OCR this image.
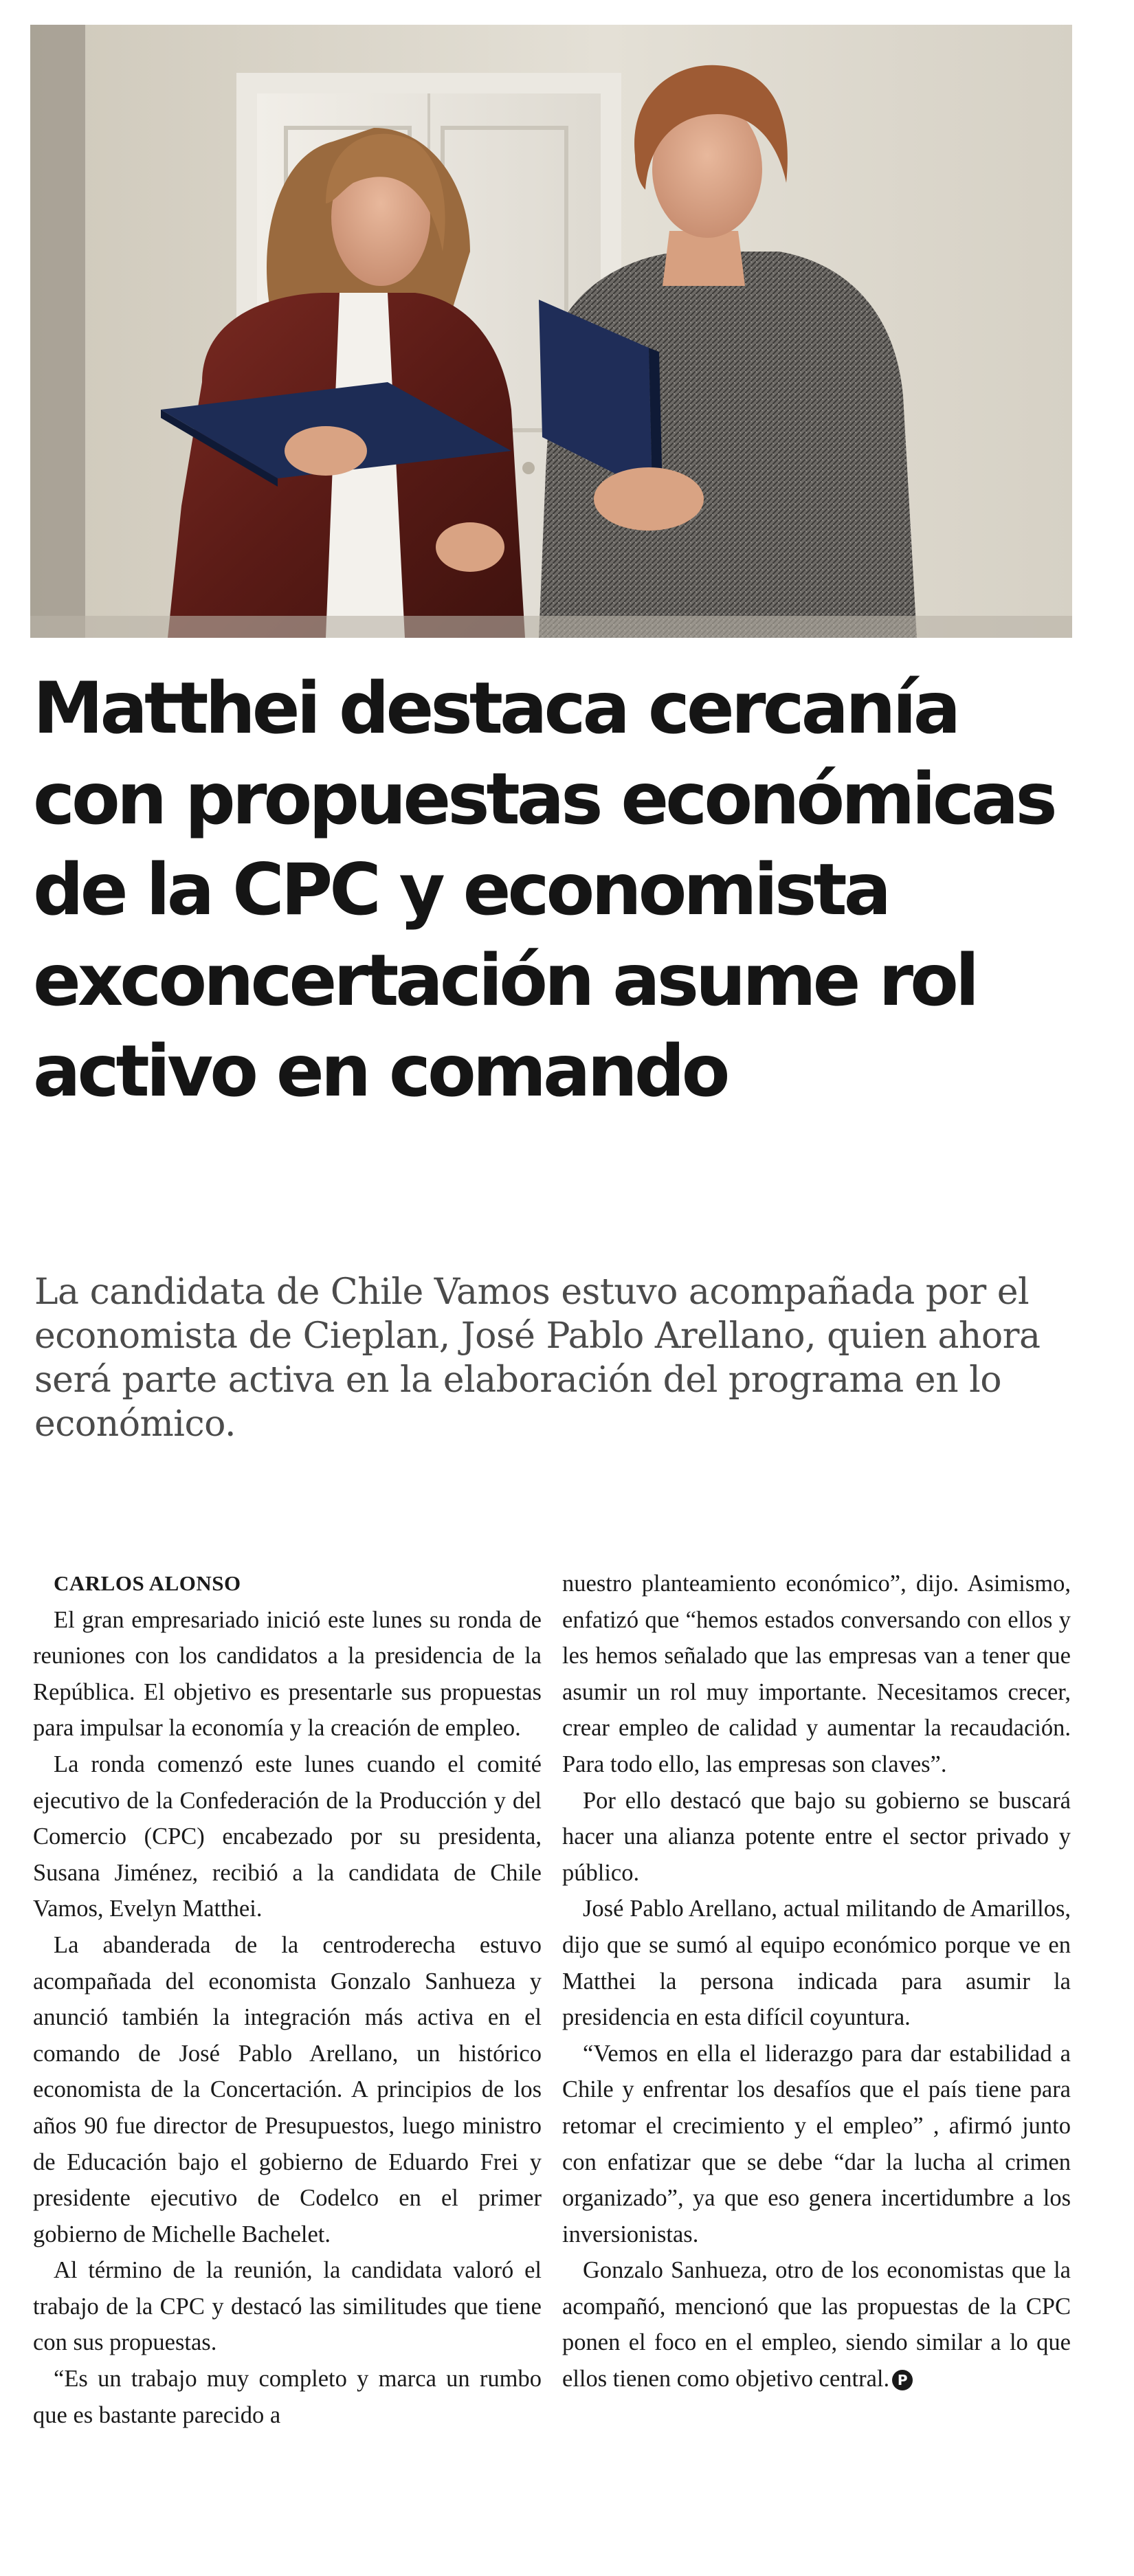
Matthei destaca cercanía con propuestas económicas de la CPC y economista exconcertación asume rol activo en comando

La candidata de Chile Vamos estuvo acompañada por el economista de Cieplan, José Pablo Arellano, quien ahora será parte activa en la elaboración del programa en lo económico.

CARLOS ALONSO

El gran empresariado inició este lunes su ronda de reuniones con los candidatos a la presidencia de la República. El objetivo es presentarle sus propuestas para impulsar la economía y la creación de empleo.

La ronda comenzó este lunes cuando el comité ejecutivo de la Confederación de la Producción y del Comercio (CPC) encabezado por su presidenta, Susana Jiménez, recibió a la candidata de Chile Vamos, Evelyn Matthei.

La abanderada de la centroderecha estuvo acompañada del economista Gonzalo Sanhueza y anunció también la integración más activa en el comando de José Pablo Arellano, un histórico economista de la Concertación. A principios de los años 90 fue director de Presupuestos, luego ministro de Educación bajo el gobierno de Eduardo Frei y presidente ejecutivo de Codelco en el primer gobierno de Michelle Bachelet.

Al término de la reunión, la candidata valoró el trabajo de la CPC y destacó las similitudes que tiene con sus propuestas.

“Es un trabajo muy completo y marca un rumbo que es bastante parecido a

nuestro planteamiento económico”, dijo. Asimismo, enfatizó que “hemos estados conversando con ellos y les hemos señalado que las empresas van a tener que asumir un rol muy importante. Necesitamos crecer, crear empleo de calidad y aumentar la recaudación. Para todo ello, las empresas son claves”.

Por ello destacó que bajo su gobierno se buscará hacer una alianza potente entre el sector privado y público.

José Pablo Arellano, actual militando de Amarillos, dijo que se sumó al equipo económico porque ve en Matthei la persona indicada para asumir la presidencia en esta difícil coyuntura.

“Vemos en ella el liderazgo para dar estabilidad a Chile y enfrentar los desafíos que el país tiene para retomar el crecimiento y el empleo” , afirmó junto con enfatizar que se debe “dar la lucha al crimen organizado”, ya que eso genera incertidumbre a los inversionistas.

Gonzalo Sanhueza, otro de los economistas que la acompañó, mencionó que las propuestas de la CPC ponen el foco en el empleo, siendo similar a lo que ellos tienen como objetivo central. P
